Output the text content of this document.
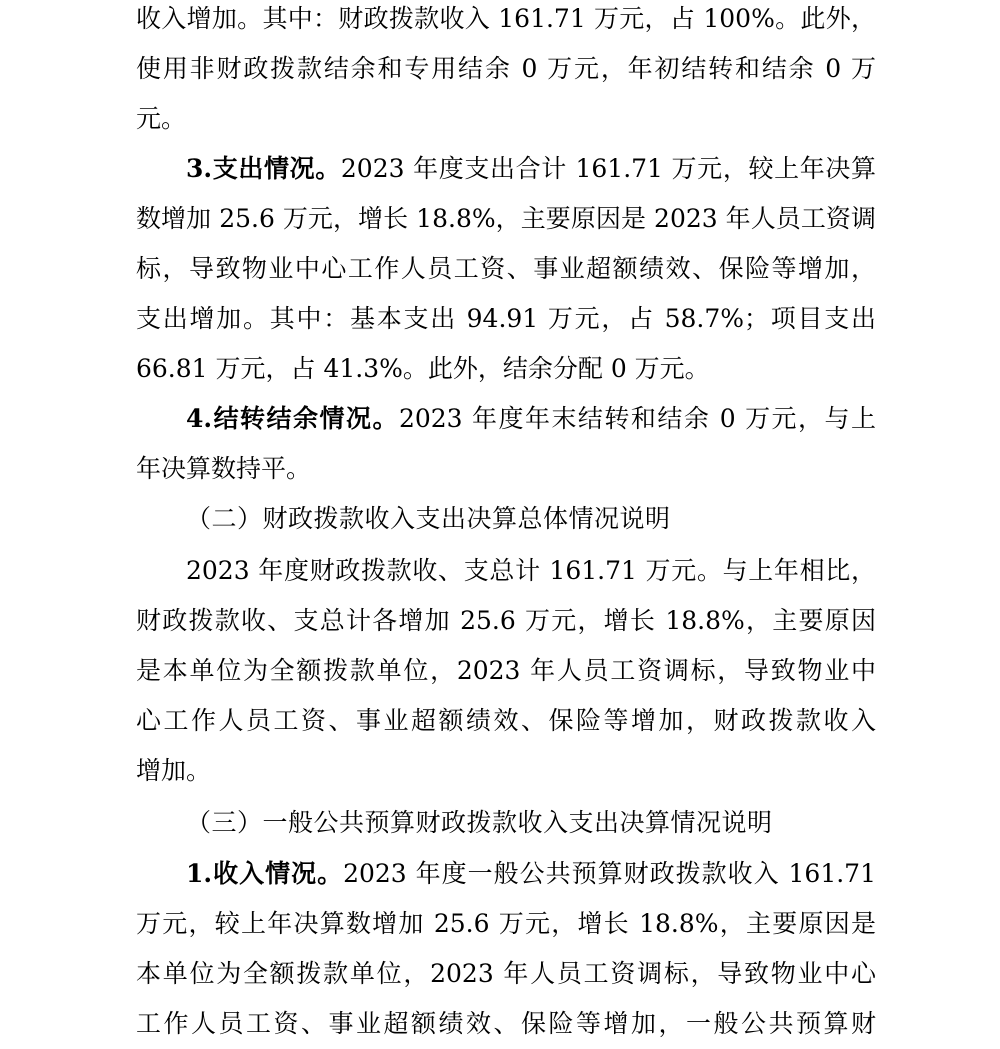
收入增加。其中：财政拨款收入 161.71 万元，占 100%。此外，
使用非财政拨款结余和专用结余 0 万元，年初结转和结余 0 万
元。
3.支出情况。2023 年度支出合计 161.71 万元，较上年决算
数增加 25.6 万元，增长 18.8%，主要原因是 2023 年人员工资调
标，导致物业中心工作人员工资、事业超额绩效、保险等增加，
支出增加。其中：基本支出 94.91 万元，占 58.7%；项目支出
66.81 万元，占 41.3%。此外，结余分配 0 万元。
4.结转结余情况。2023 年度年末结转和结余 0 万元，与上
年决算数持平。
（二）财政拨款收入支出决算总体情况说明
2023 年度财政拨款收、支总计 161.71 万元。与上年相比，
财政拨款收、支总计各增加 25.6 万元，增长 18.8%，主要原因
是本单位为全额拨款单位，2023 年人员工资调标，导致物业中
心工作人员工资、事业超额绩效、保险等增加，财政拨款收入
增加。
（三）一般公共预算财政拨款收入支出决算情况说明
1.收入情况。2023 年度一般公共预算财政拨款收入 161.71
万元，较上年决算数增加 25.6 万元，增长 18.8%，主要原因是
本单位为全额拨款单位，2023 年人员工资调标，导致物业中心
工作人员工资、事业超额绩效、保险等增加，一般公共预算财
